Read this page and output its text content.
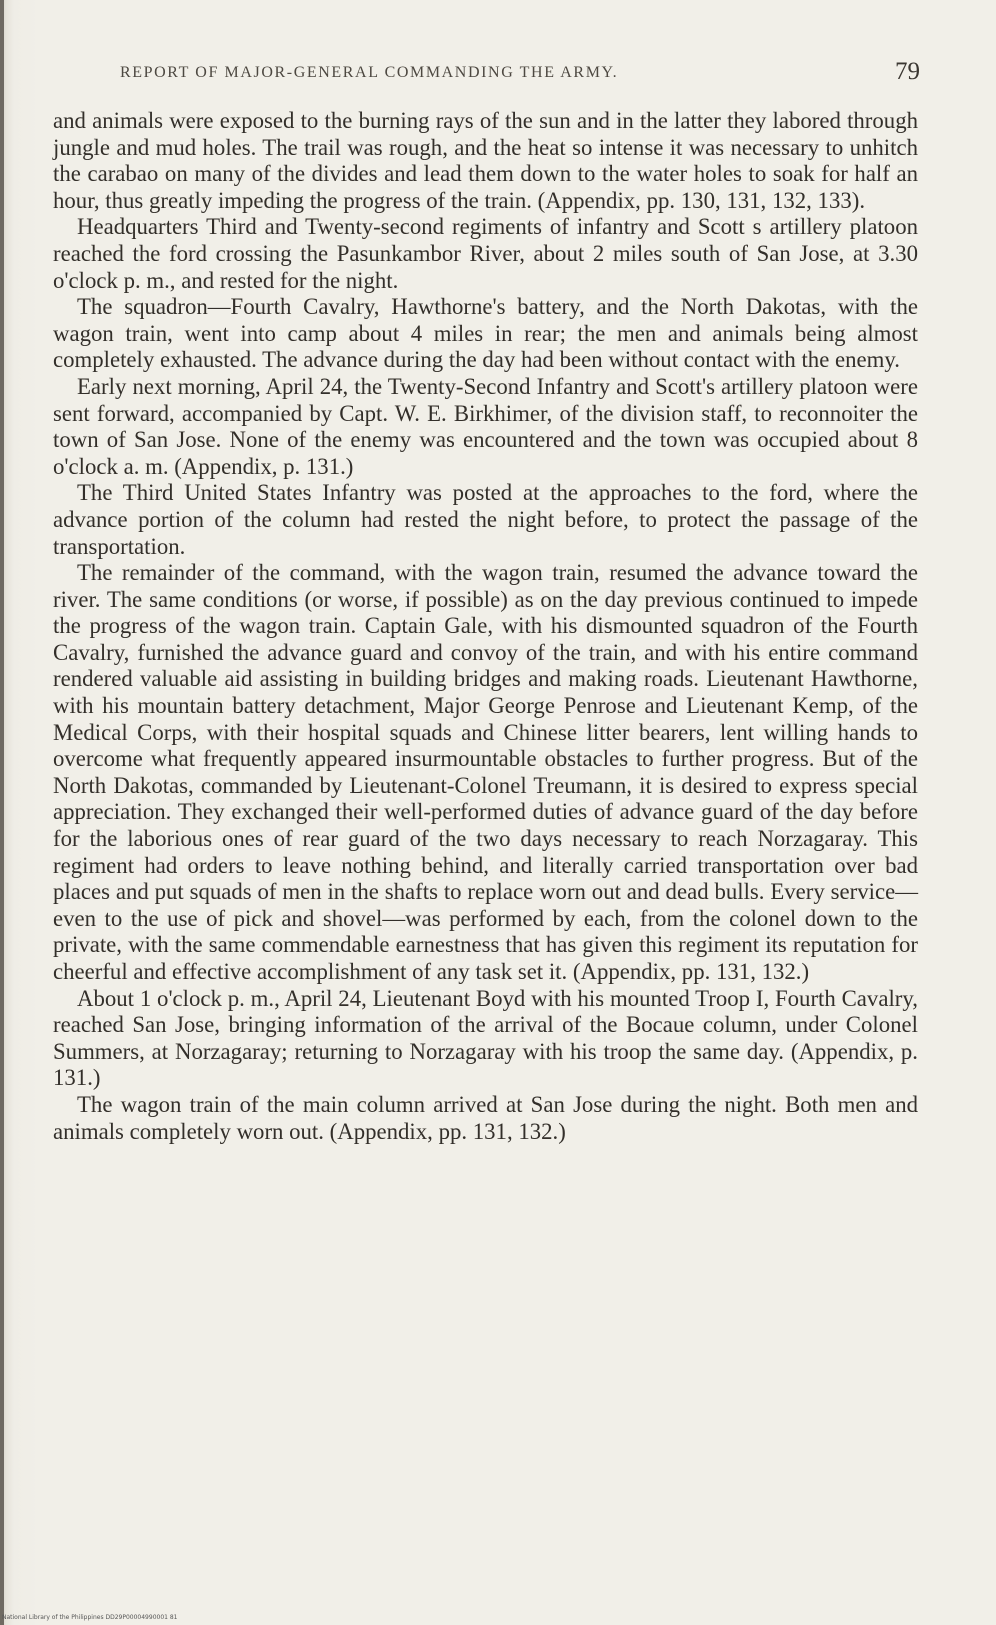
REPORT OF MAJOR-GENERAL COMMANDING THE ARMY.	79

and animals were exposed to the burning rays of the sun and in the latter they labored through jungle and mud holes. The trail was rough, and the heat so intense it was necessary to unhitch the carabao on many of the divides and lead them down to the water holes to soak for half an hour, thus greatly impeding the progress of the train. (Appendix, pp. 130, 131, 132, 133).

Headquarters Third and Twenty-second regiments of infantry and Scott s artillery platoon reached the ford crossing the Pasunkambor River, about 2 miles south of San Jose, at 3.30 o'clock p. m., and rested for the night.

The squadron—Fourth Cavalry, Hawthorne's battery, and the North Dakotas, with the wagon train, went into camp about 4 miles in rear; the men and animals being almost completely exhausted. The advance during the day had been without contact with the enemy.

Early next morning, April 24, the Twenty-Second Infantry and Scott's artillery platoon were sent forward, accompanied by Capt. W. E. Birkhimer, of the division staff, to reconnoiter the town of San Jose. None of the enemy was encountered and the town was occupied about 8 o'clock a. m. (Appendix, p. 131.)

The Third United States Infantry was posted at the approaches to the ford, where the advance portion of the column had rested the night before, to protect the passage of the transportation.

The remainder of the command, with the wagon train, resumed the advance toward the river. The same conditions (or worse, if possible) as on the day previous continued to impede the progress of the wagon train. Captain Gale, with his dismounted squadron of the Fourth Cavalry, furnished the advance guard and convoy of the train, and with his entire command rendered valuable aid assisting in building bridges and making roads. Lieutenant Hawthorne, with his mountain battery detachment, Major George Penrose and Lieutenant Kemp, of the Medical Corps, with their hospital squads and Chinese litter bearers, lent willing hands to overcome what frequently appeared insurmountable obstacles to further progress. But of the North Dakotas, commanded by Lieutenant-Colonel Treumann, it is desired to express special appreciation. They exchanged their well-performed duties of advance guard of the day before for the laborious ones of rear guard of the two days necessary to reach Norzagaray. This regiment had orders to leave nothing behind, and literally carried transportation over bad places and put squads of men in the shafts to replace worn out and dead bulls. Every service—even to the use of pick and shovel—was performed by each, from the colonel down to the private, with the same commendable earnestness that has given this regiment its reputation for cheerful and effective accomplishment of any task set it. (Appendix, pp. 131, 132.)

About 1 o'clock p. m., April 24, Lieutenant Boyd with his mounted Troop I, Fourth Cavalry, reached San Jose, bringing information of the arrival of the Bocaue column, under Colonel Summers, at Norzagaray; returning to Norzagaray with his troop the same day. (Appendix, p. 131.)

The wagon train of the main column arrived at San Jose during the night. Both men and animals completely worn out. (Appendix, pp. 131, 132.)

National Library of the Philippines DD29P00004990001 81
